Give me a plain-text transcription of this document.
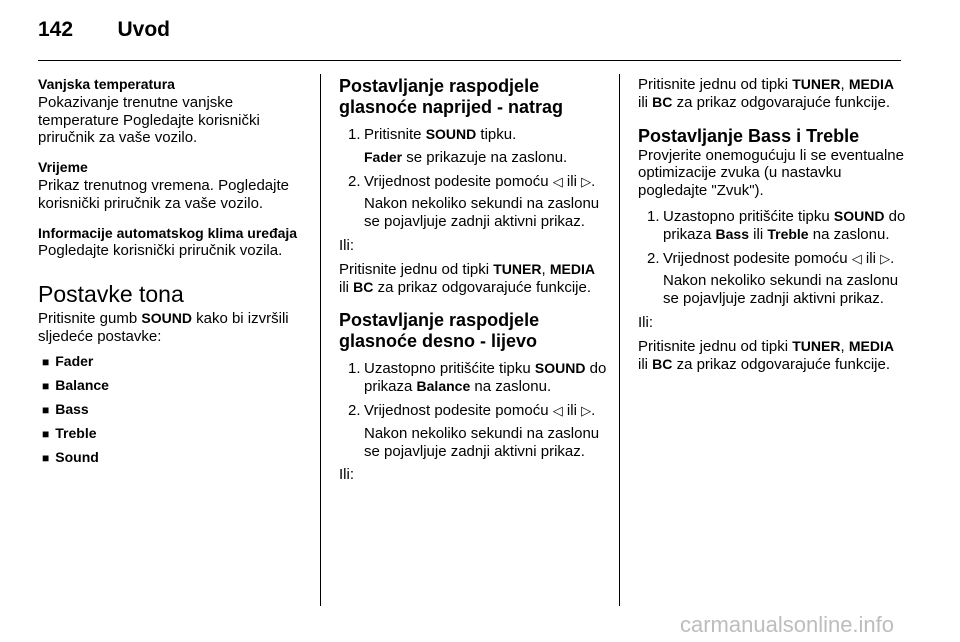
142 Uvod

Vanjska temperatura

Pokazivanje trenutne vanjske temperature Pogledajte korisnički priručnik za vaše vozilo.

Vrijeme

Prikaz trenutnog vremena. Pogledajte korisnički priručnik za vaše vozilo.

Informacije automatskog klima uređaja

Pogledajte korisnički priručnik vozila.

Postavke tona

Pritisnite gumb SOUND kako bi izvršili sljedeće postavke:

■ Fader
■ Balance
■ Bass
■ Treble
■ Sound
Postavljanje raspodjele glasnoće naprijed - natrag
1. Pritisnite SOUND tipku.

Fader se prikazuje na zaslonu.

2. Vrijednost podesite pomoću ◁ ili ▷.

Nakon nekoliko sekundi na zaslonu se pojavljuje zadnji aktivni prikaz.

Ili:

Pritisnite jednu od tipki TUNER, MEDIA ili BC za prikaz odgovarajuće funkcije.

Postavljanje raspodjele glasnoće desno - lijevo
1. Uzastopno pritišćite tipku SOUND do prikaza Balance na zaslonu.
2. Vrijednost podesite pomoću ◁ ili ▷.

Nakon nekoliko sekundi na zaslonu se pojavljuje zadnji aktivni prikaz.

Ili:

Pritisnite jednu od tipki TUNER, MEDIA ili BC za prikaz odgovarajuće funkcije.

Postavljanje Bass i Treble

Provjerite onemogućuju li se eventualne optimizacije zvuka (u nastavku pogledajte "Zvuk").

1. Uzastopno pritišćite tipku SOUND do prikaza Bass ili Treble na zaslonu.
2. Vrijednost podesite pomoću ◁ ili ▷.

Nakon nekoliko sekundi na zaslonu se pojavljuje zadnji aktivni prikaz.

Ili:

Pritisnite jednu od tipki TUNER, MEDIA ili BC za prikaz odgovarajuće funkcije.

carmanualsonline.info
